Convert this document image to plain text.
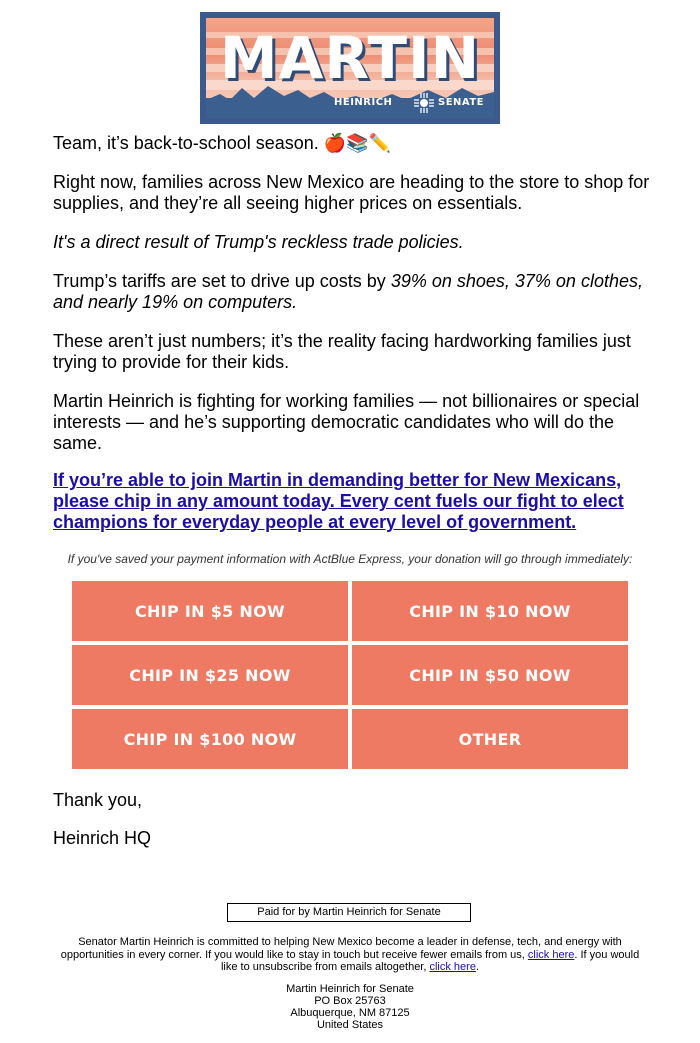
MARTIN
HEINRICH	SENATE

Team, it’s back-to-school season. 🍎📚✏️

Right now, families across New Mexico are heading to the store to shop for supplies, and they’re all seeing higher prices on essentials.

It's a direct result of Trump's reckless trade policies.

Trump’s tariffs are set to drive up costs by 39% on shoes, 37% on clothes, and nearly 19% on computers.

These aren’t just numbers; it’s the reality facing hardworking families just trying to provide for their kids.

Martin Heinrich is fighting for working families — not billionaires or special interests — and he’s supporting democratic candidates who will do the same.

If you’re able to join Martin in demanding better for New Mexicans, please chip in any amount today. Every cent fuels our fight to elect champions for everyday people at every level of government.
If you've saved your payment information with ActBlue Express, your donation will go through immediately:
CHIP IN $5 NOW	CHIP IN $10 NOW
CHIP IN $25 NOW	CHIP IN $50 NOW
CHIP IN $100 NOW	OTHER

Thank you,

Heinrich HQ

Paid for by Martin Heinrich for Senate
Senator Martin Heinrich is committed to helping New Mexico become a leader in defense, tech, and energy with opportunities in every corner. If you would like to stay in touch but receive fewer emails from us, click here. If you would like to unsubscribe from emails altogether, click here.
Martin Heinrich for Senate
PO Box 25763
Albuquerque, NM 87125
United States
